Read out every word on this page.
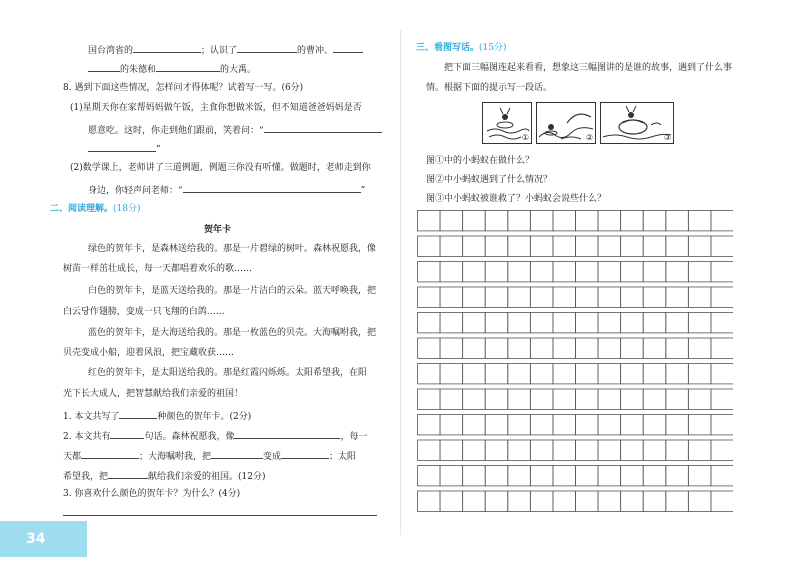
国台湾省的	；认识了	的曹冲、
的朱德和	的大禹。
8. 遇到下面这些情况，怎样问才得体呢？试着写一写。(6分)
(1)星期天你在家帮妈妈做午饭，主食你想做米饭，但不知道爸爸妈妈是否
愿意吃。这时，你走到他们跟前，笑着问：“
”
(2)数学课上，老师讲了三道例题，例题三你没有听懂。做题时，老师走到你
身边，你轻声问老师：“	”
二、阅读理解。(18分)
贺年卡
绿色的贺年卡，是森林送给我的。那是一片碧绿的树叶。森林祝愿我，像
树苗一样茁壮成长，每一天都唱着欢乐的歌……
白色的贺年卡，是蓝天送给我的。那是一片洁白的云朵。蓝天呼唤我，把
白云당作翅膀，变成一只飞翔的白鸽……
蓝色的贺年卡，是大海送给我的。那是一枚蓝色的贝壳。大海嘱咐我，把
贝壳变成小船，迎着风浪，把宝藏收获……
红色的贺年卡，是太阳送给我的。那是红霞闪烁烁。太阳希望我，在阳
光下长大成人，把智慧献给我们亲爱的祖国！
1. 本文共写了	种颜色的贺年卡。(2分)
2. 本文共有	句话。森林祝愿我，像	，每一
天都	；大海嘱咐我，把	变成	；太阳
希望我，把	献给我们亲爱的祖国。(12分)
3. 你喜欢什么颜色的贺年卡？为什么？(4分)
34
三、看图写话。(15分)
把下面三幅图连起来看看，想象这三幅图讲的是谁的故事，遇到了什么事
情。根据下面的提示写一段话。
图①中的小蚂蚁在做什么？
图②中小蚂蚁遇到了什么情况？
图③中小蚂蚁被谁救了？小蚂蚁会说些什么？
①	②	③
